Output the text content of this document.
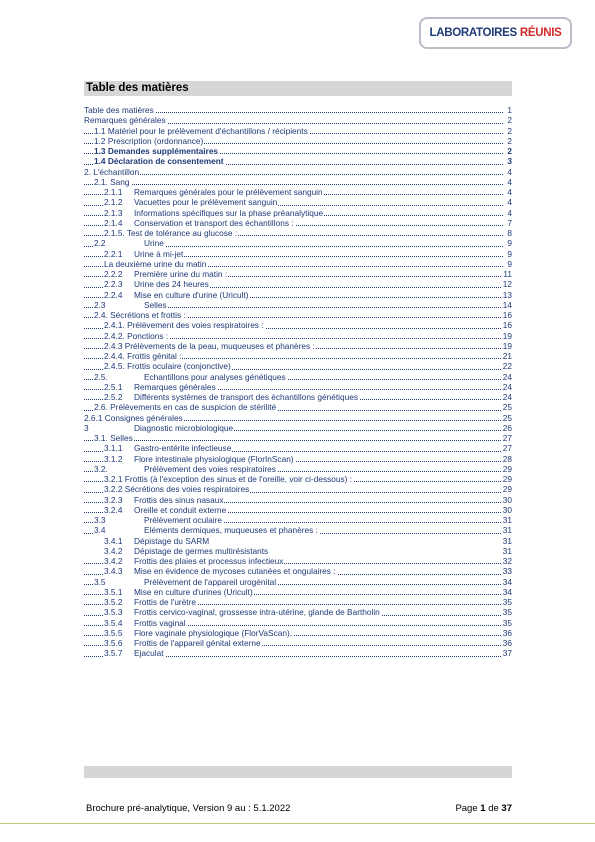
LABORATOIRES RÉUNIS
Table des matières
Table des matières	1
Remarques générales	2
1.1 Matériel pour le prélèvement d'échantillons / récipients	2
1.2 Prescription (ordonnance)	2
1.3 Demandes supplémentaires	2
1.4 Déclaration de consentement	3
2. L'échantillon	4
2.1. Sang	4
2.1.1 Remarques générales pour le prélèvement sanguin	4
2.1.2 Vacuettes pour le prélèvement sanguin	4
2.1.3 Informations spécifiques sur la phase préanalytique	4
2.1.4 Conservation et transport des échantillons :	7
2.1.5. Test de tolérance au glucose :	8
2.2	Urine	9
2.2.1 Urine à mi-jet	9
La deuxième urine du matin	9
2.2.2 Première urine du matin :	11
2.2.3 Urine des 24 heures	12
2.2.4 Mise en culture d'urine (Uricult)	13
2.3	Selles	14
2.4. Sécrétions et frottis :	16
2.4.1. Prélèvement des voies respiratoires :	16
2.4.2. Ponctions :	19
2.4.3 Prélèvements de la peau, muqueuses et phanères :	19
2.4.4. Frottis génital :	21
2.4.5. Frottis oculaire (conjonctive)	22
2.5.	Echantillons pour analyses génétiques	24
2.5.1 Remarques générales	24
2.5.2 Différents systèmes de transport des échantillons génétiques	24
2.6. Prélèvements en cas de suspicion de stérilité	25
2.6.1 Consignes générales	25
3	Diagnostic microbiologique	26
3.1. Selles	27
3.1.1 Gastro-entérite infectieuse	27
3.1.2 Flore intestinale physiologique (FlorInScan)	28
3.2.	Prélèvement des voies respiratoires	29
3.2.1 Frottis (à l'exception des sinus et de l'oreille, voir ci-dessous) :	29
3.2.2 Sécrétions des voies respiratoires	29
3.2.3 Frottis des sinus nasaux	30
3.2.4 Oreille et conduit externe	30
3.3	Prélèvement oculaire	31
3.4	Eléments dermiques, muqueuses et phanères :	31
3.4.1 Dépistage du SARM	31
3.4.2 Dépistage de germes multirésistants	31
3.4.2 Frottis des plaies et processus infectieux	32
3.4.3 Mise en évidence de mycoses cutanées et ongulaires :	33
3.5	Prélèvement de l'appareil urogénital	34
3.5.1 Mise en culture d'urines (Uricult)	34
3.5.2 Frottis de l'urètre	35
3.5.3 Frottis cervico-vaginal, grossesse intra-utérine, glande de Bartholin	35
3.5.4 Frottis vaginal	35
3.5.5 Flore vaginale physiologique (FlorVaScan).	36
3.5.6 Frottis de l'appareil génital externe	36
3.5.7 Ejaculat	37
Brochure pré-analytique, Version 9 au : 5.1.2022	Page 1 de 37
